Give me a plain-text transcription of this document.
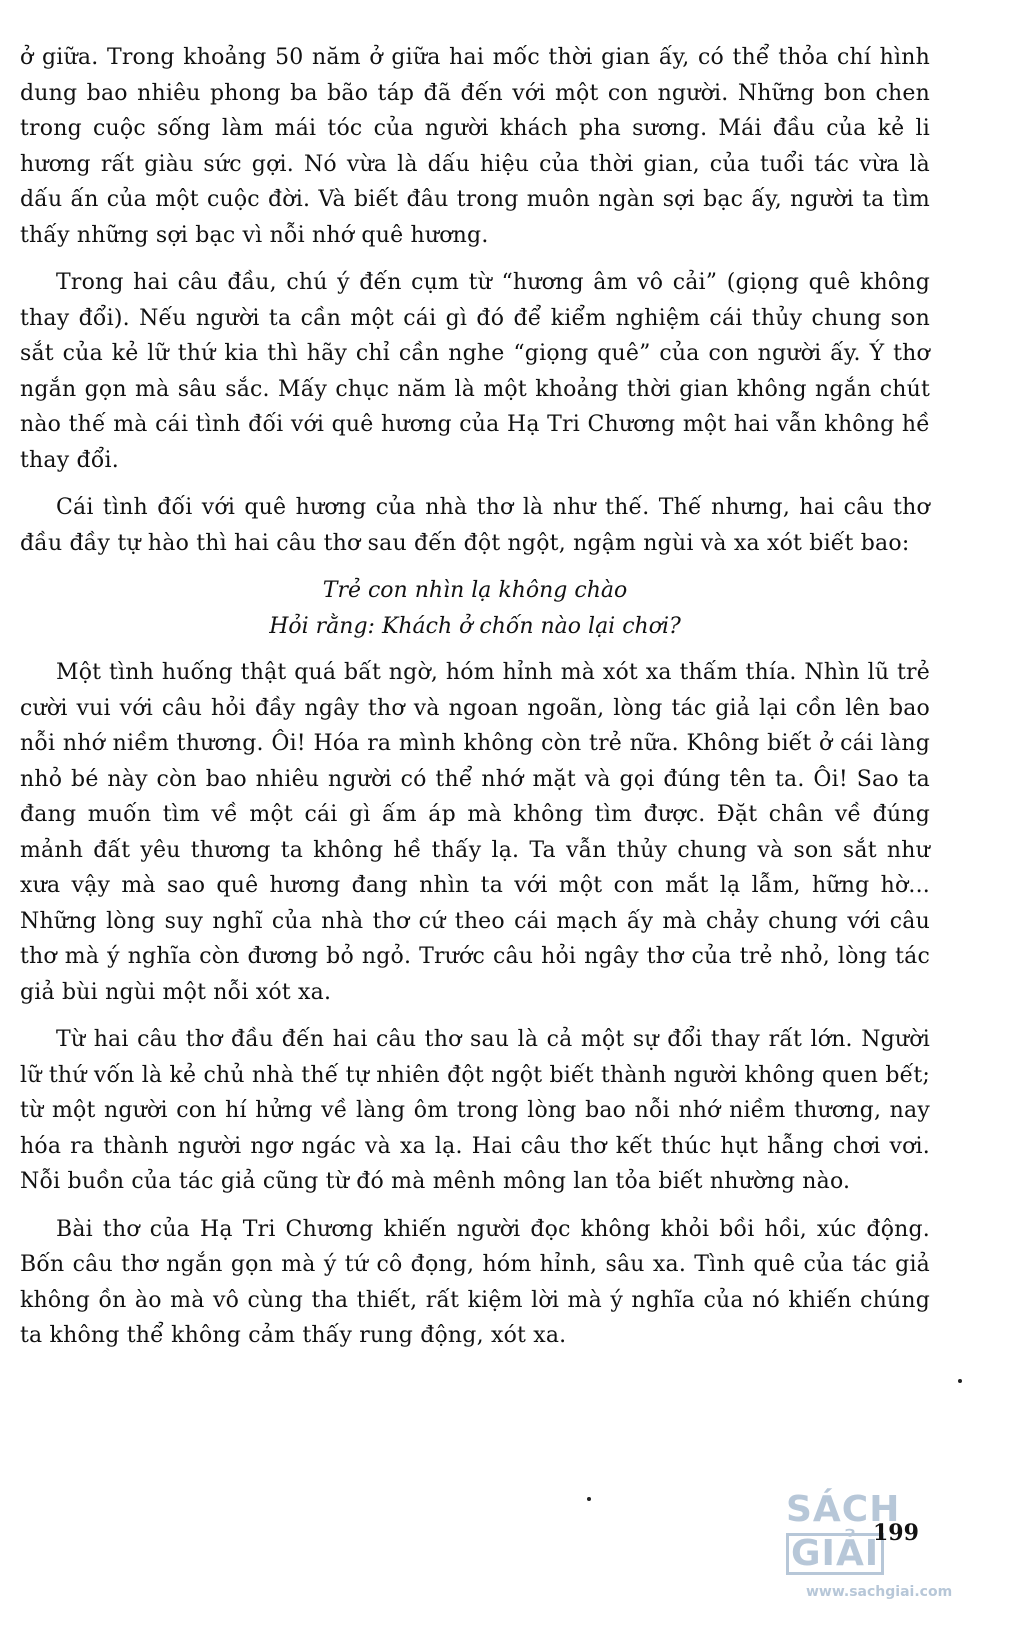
ở giữa. Trong khoảng 50 năm ở giữa hai mốc thời gian ấy, có thể thỏa chí hình dung bao nhiêu phong ba bão táp đã đến với một con người. Những bon chen trong cuộc sống làm mái tóc của người khách pha sương. Mái đầu của kẻ li hương rất giàu sức gợi. Nó vừa là dấu hiệu của thời gian, của tuổi tác vừa là dấu ấn của một cuộc đời. Và biết đâu trong muôn ngàn sợi bạc ấy, người ta tìm thấy những sợi bạc vì nỗi nhớ quê hương.

Trong hai câu đầu, chú ý đến cụm từ “hương âm vô cải” (giọng quê không thay đổi). Nếu người ta cần một cái gì đó để kiểm nghiệm cái thủy chung son sắt của kẻ lữ thứ kia thì hãy chỉ cần nghe “giọng quê” của con người ấy. Ý thơ ngắn gọn mà sâu sắc. Mấy chục năm là một khoảng thời gian không ngắn chút nào thế mà cái tình đối với quê hương của Hạ Tri Chương một hai vẫn không hề thay đổi.

Cái tình đối với quê hương của nhà thơ là như thế. Thế nhưng, hai câu thơ đầu đầy tự hào thì hai câu thơ sau đến đột ngột, ngậm ngùi và xa xót biết bao:

Trẻ con nhìn lạ không chào
Hỏi rằng: Khách ở chốn nào lại chơi?

Một tình huống thật quá bất ngờ, hóm hỉnh mà xót xa thấm thía. Nhìn lũ trẻ cười vui với câu hỏi đầy ngây thơ và ngoan ngoãn, lòng tác giả lại cồn lên bao nỗi nhớ niềm thương. Ôi! Hóa ra mình không còn trẻ nữa. Không biết ở cái làng nhỏ bé này còn bao nhiêu người có thể nhớ mặt và gọi đúng tên ta. Ôi! Sao ta đang muốn tìm về một cái gì ấm áp mà không tìm được. Đặt chân về đúng mảnh đất yêu thương ta không hề thấy lạ. Ta vẫn thủy chung và son sắt như xưa vậy mà sao quê hương đang nhìn ta với một con mắt lạ lẫm, hững hờ... Những lòng suy nghĩ của nhà thơ cứ theo cái mạch ấy mà chảy chung với câu thơ mà ý nghĩa còn đương bỏ ngỏ. Trước câu hỏi ngây thơ của trẻ nhỏ, lòng tác giả bùi ngùi một nỗi xót xa.

Từ hai câu thơ đầu đến hai câu thơ sau là cả một sự đổi thay rất lớn. Người lữ thứ vốn là kẻ chủ nhà thế tự nhiên đột ngột biết thành người không quen bết; từ một người con hí hửng về làng ôm trong lòng bao nỗi nhớ niềm thương, nay hóa ra thành người ngơ ngác và xa lạ. Hai câu thơ kết thúc hụt hẫng chơi vơi. Nỗi buồn của tác giả cũng từ đó mà mênh mông lan tỏa biết nhường nào.

Bài thơ của Hạ Tri Chương khiến người đọc không khỏi bồi hồi, xúc động. Bốn câu thơ ngắn gọn mà ý tứ cô đọng, hóm hỉnh, sâu xa. Tình quê của tác giả không ồn ào mà vô cùng tha thiết, rất kiệm lời mà ý nghĩa của nó khiến chúng ta không thể không cảm thấy rung động, xót xa.

SÁCHGIẢI
www.sachgiai.com
199
